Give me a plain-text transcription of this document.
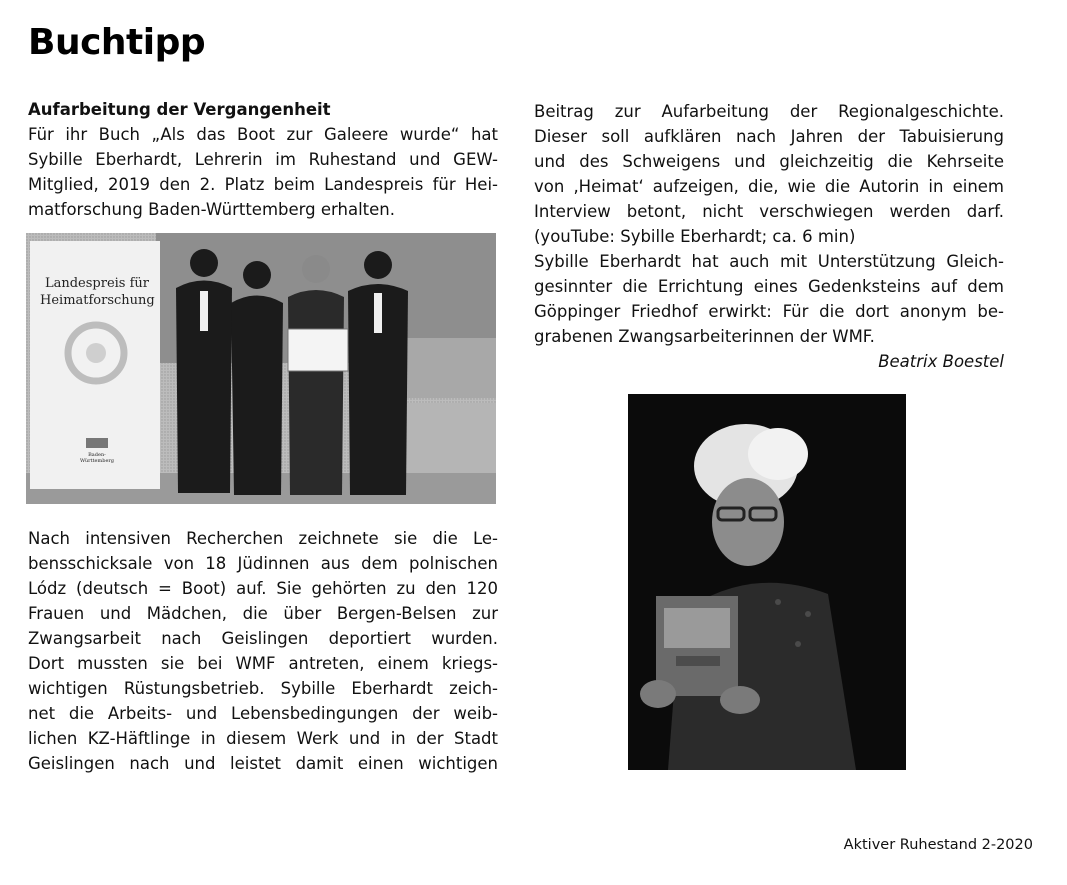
Buchtipp
Aufarbeitung der Vergangenheit
Für ihr Buch „Als das Boot zur Galeere wurde“ hat
Sybille Eberhardt, Lehrerin im Ruhestand und GEW-
Mitglied, 2019 den 2. Platz beim Landespreis für Hei-
matforschung Baden-Württemberg erhalten.
Landespreis für
Heimatforschung
Baden-Württemberg
Nach intensiven Recherchen zeichnete sie die Le-
bensschicksale von 18 Jüdinnen aus dem polnischen
Lódz (deutsch = Boot) auf. Sie gehörten zu den 120
Frauen und Mädchen, die über Bergen-Belsen zur
Zwangsarbeit nach Geislingen deportiert wurden.
Dort mussten sie bei WMF antreten, einem kriegs-
wichtigen Rüstungsbetrieb. Sybille Eberhardt zeich-
net die Arbeits- und Lebensbedingungen der weib-
lichen KZ-Häftlinge in diesem Werk und in der Stadt
Geislingen nach und leistet damit einen wichtigen
Beitrag zur Aufarbeitung der Regionalgeschichte.
Dieser soll aufklären nach Jahren der Tabuisierung
und des Schweigens und gleichzeitig die Kehrseite
von ‚Heimat‘ aufzeigen, die, wie die Autorin in einem
Interview betont, nicht verschwiegen werden darf.
(youTube: Sybille Eberhardt; ca. 6 min)
Sybille Eberhardt hat auch mit Unterstützung Gleich-
gesinnter die Errichtung eines Gedenksteins auf dem
Göppinger Friedhof erwirkt: Für die dort anonym be-
grabenen Zwangsarbeiterinnen der WMF.
Beatrix Boestel
Aktiver Ruhestand 2-2020
